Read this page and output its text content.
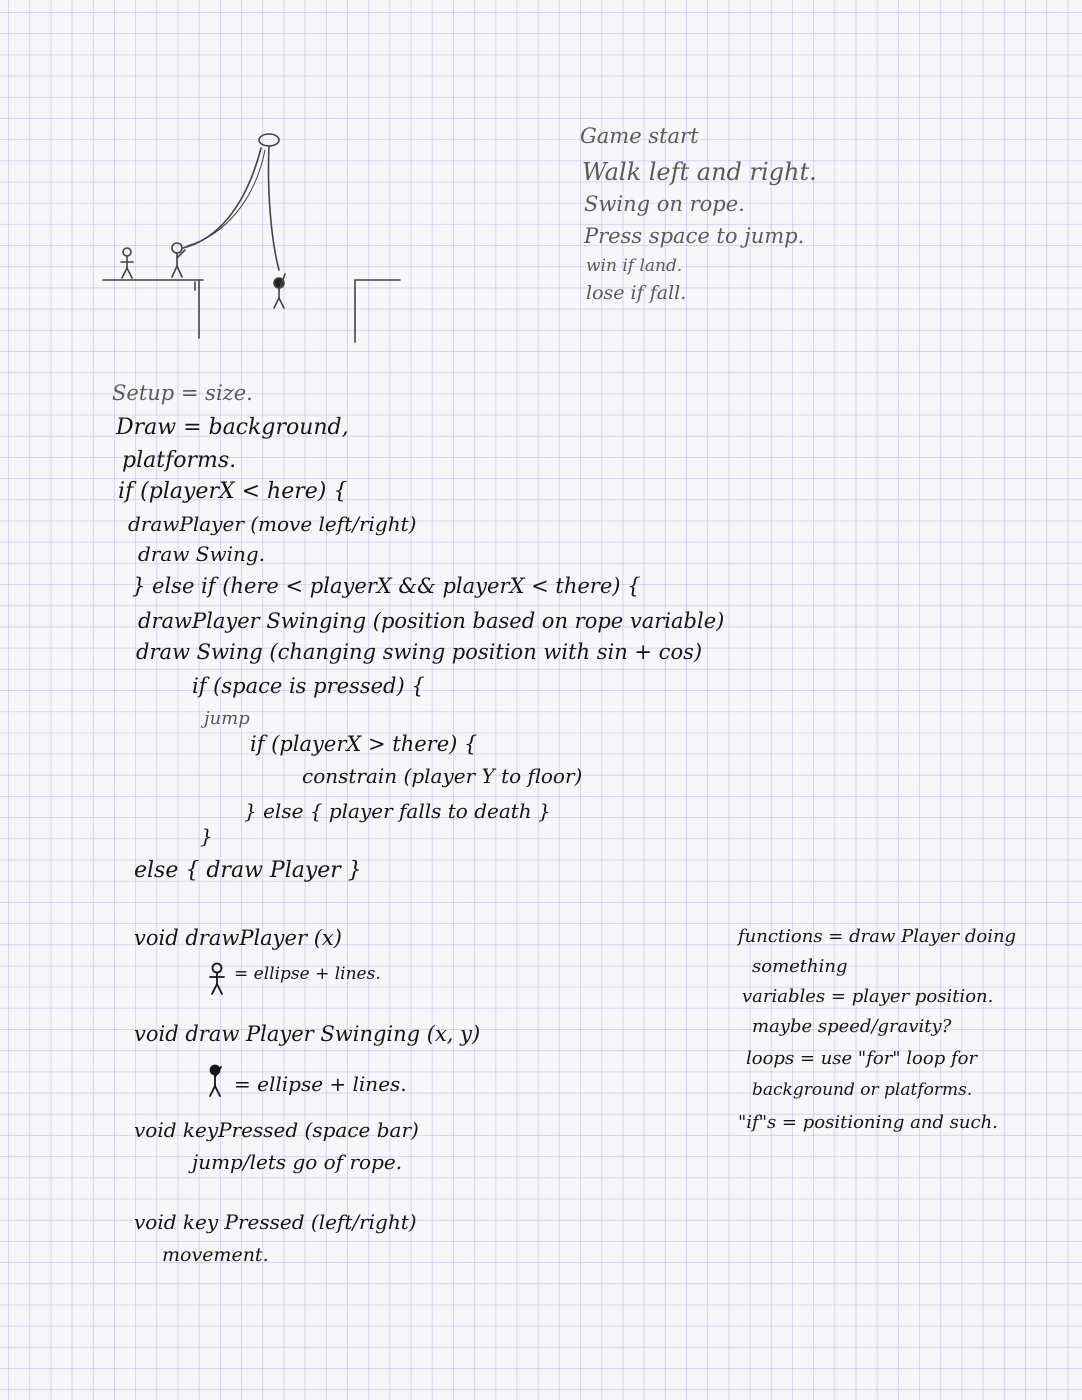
Game start
Walk left and right.
Swing on rope.
Press space to jump.
win if land.
lose if fall.
Setup = size.
Draw = background,
platforms.
if (playerX < here) {
drawPlayer (move left/right)
draw Swing.
} else if (here < playerX && playerX < there) {
drawPlayer Swinging (position based on rope variable)
draw Swing (changing swing position with sin + cos)
if (space is pressed) {
jump
if (playerX > there) {
constrain (player Y to floor)
} else { player falls to death }
}
else { draw Player }
void drawPlayer (x)
= ellipse + lines.
void draw Player Swinging (x, y)
= ellipse + lines.
void keyPressed (space bar)
jump/lets go of rope.
void key Pressed (left/right)
movement.
functions = draw Player doing
something
variables = player position.
maybe speed/gravity?
loops = use "for" loop for
background or platforms.
"if"s = positioning and such.
